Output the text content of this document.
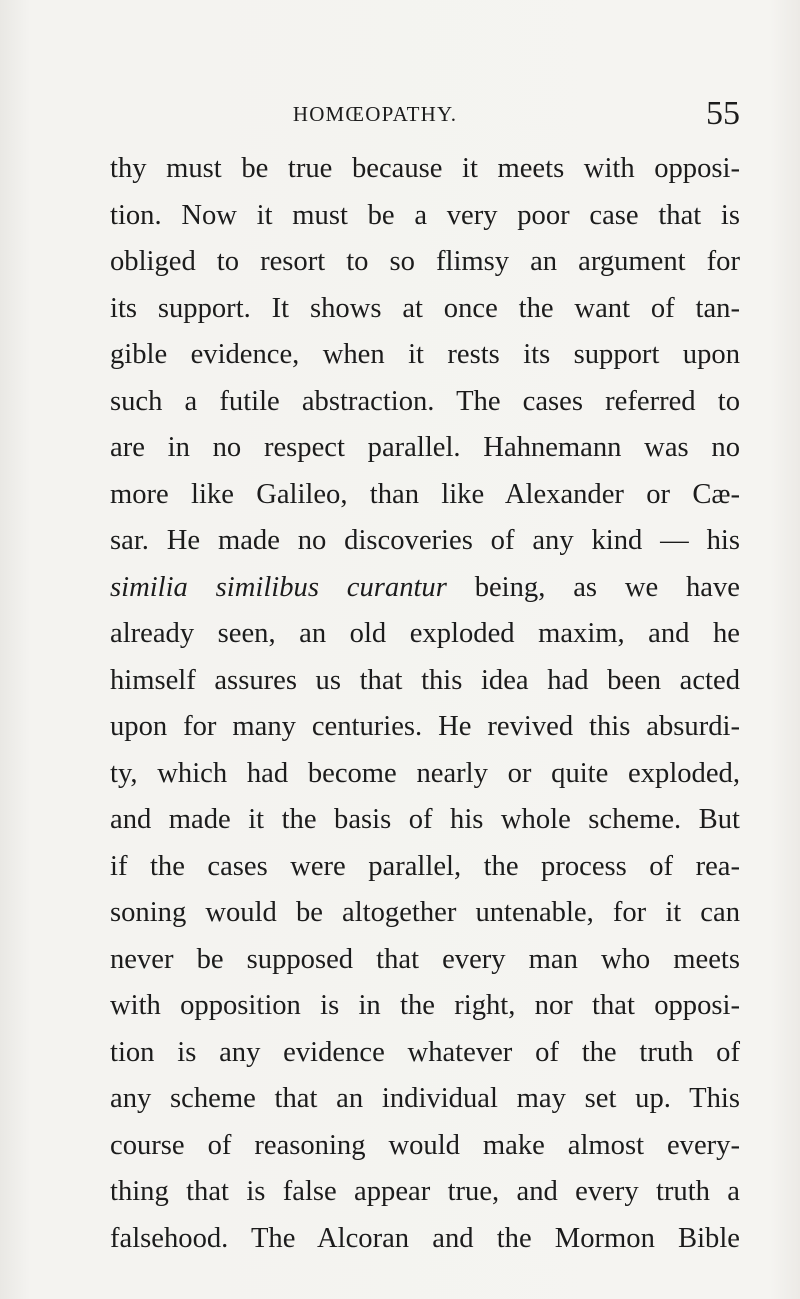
HOMŒOPATHY.	55
thy must be true because it meets with opposi-
tion. Now it must be a very poor case that is
obliged to resort to so flimsy an argument for
its support. It shows at once the want of tan-
gible evidence, when it rests its support upon
such a futile abstraction. The cases referred to
are in no respect parallel. Hahnemann was no
more like Galileo, than like Alexander or Cæ-
sar. He made no discoveries of any kind — his
similia similibus curantur being, as we have
already seen, an old exploded maxim, and he
himself assures us that this idea had been acted
upon for many centuries. He revived this absurdi-
ty, which had become nearly or quite exploded,
and made it the basis of his whole scheme. But
if the cases were parallel, the process of rea-
soning would be altogether untenable, for it can
never be supposed that every man who meets
with opposition is in the right, nor that opposi-
tion is any evidence whatever of the truth of
any scheme that an individual may set up. This
course of reasoning would make almost every-
thing that is false appear true, and every truth a
falsehood. The Alcoran and the Mormon Bible
